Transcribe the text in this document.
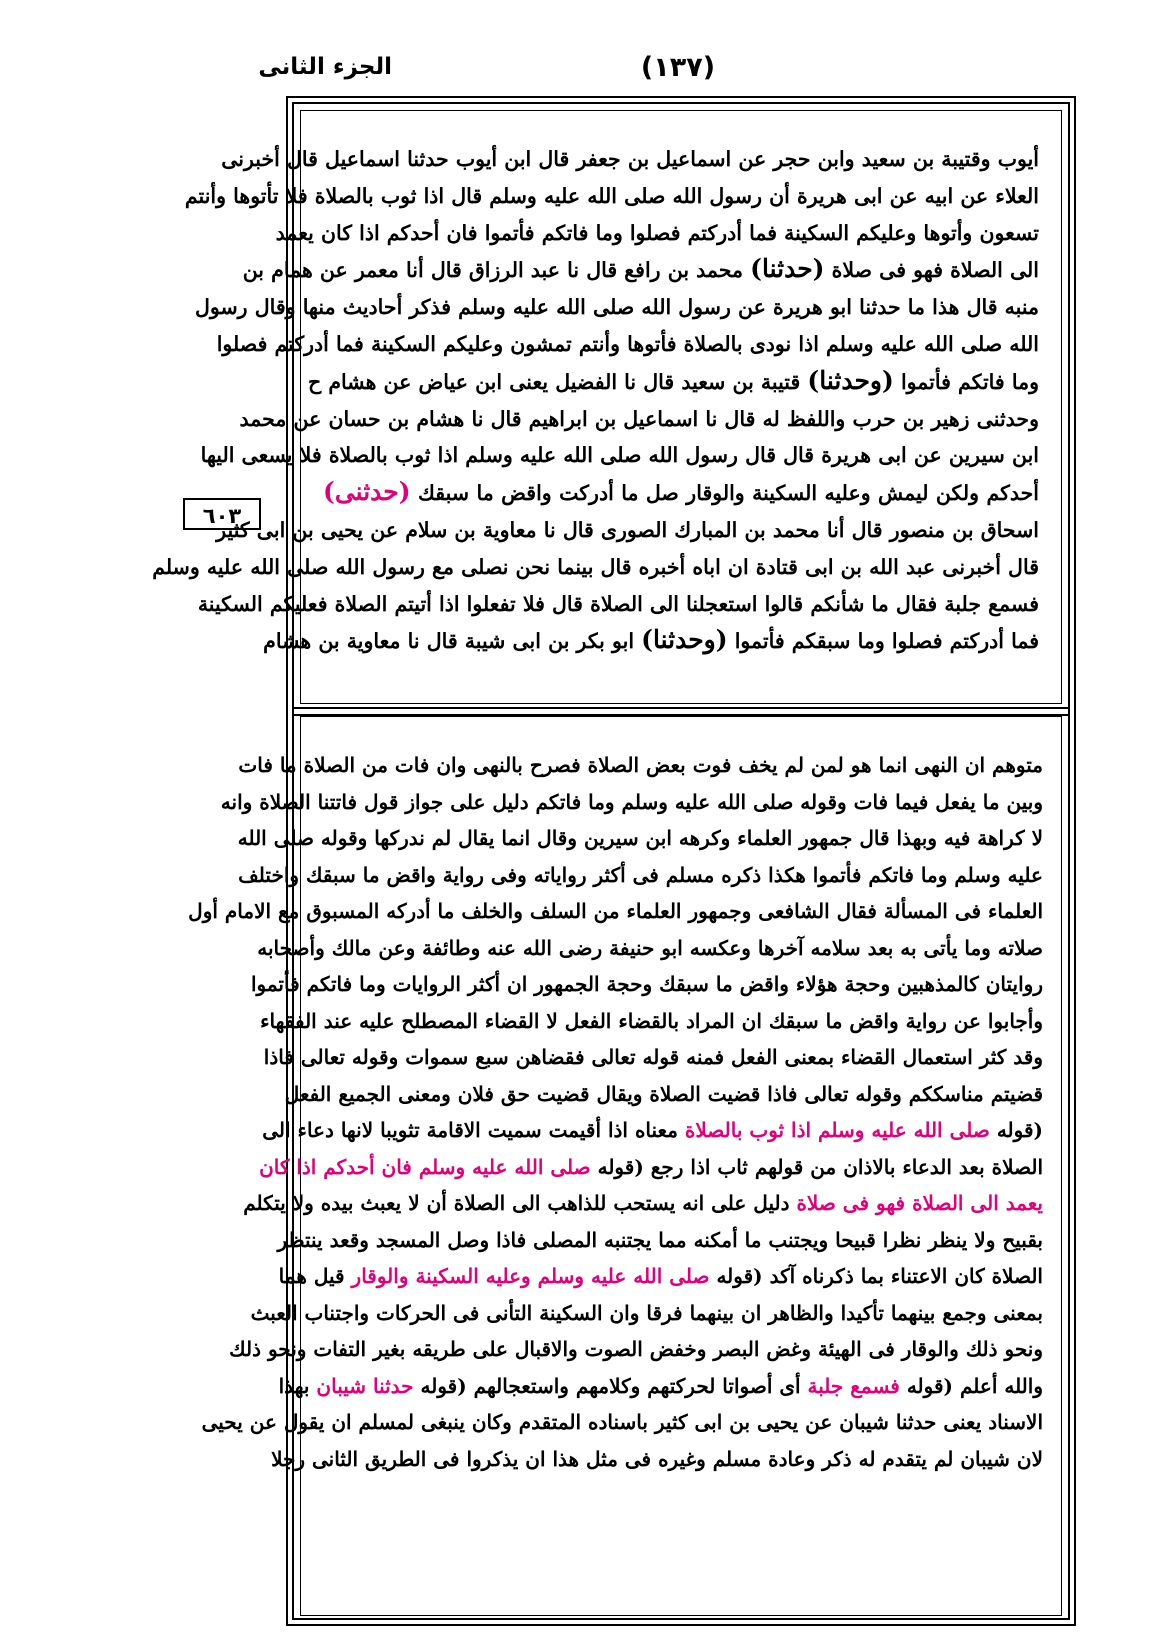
(١٣٧)
الجزء الثانى
٦٠٣
أيوب وقتيبة بن سعيد وابن حجر عن اسماعيل بن جعفر قال ابن أيوب حدثنا اسماعيل قال أخبرنى
العلاء عن ابيه عن ابى هريرة أن رسول الله صلى الله عليه وسلم قال اذا ثوب بالصلاة فلا تأتوها وأنتم
تسعون وأتوها وعليكم السكينة فما أدركتم فصلوا وما فاتكم فأتموا فان أحدكم اذا كان يعمد
الى الصلاة فهو فى صلاة (حدثنا) محمد بن رافع قال نا عبد الرزاق قال أنا معمر عن همام بن
منبه قال هذا ما حدثنا ابو هريرة عن رسول الله صلى الله عليه وسلم فذكر أحاديث منها وقال رسول
الله صلى الله عليه وسلم اذا نودى بالصلاة فأتوها وأنتم تمشون وعليكم السكينة فما أدركتم فصلوا
وما فاتكم فأتموا (وحدثنا) قتيبة بن سعيد قال نا الفضيل يعنى ابن عياض عن هشام ح
وحدثنى زهير بن حرب واللفظ له قال نا اسماعيل بن ابراهيم قال نا هشام بن حسان عن محمد
ابن سيرين عن ابى هريرة قال قال رسول الله صلى الله عليه وسلم اذا ثوب بالصلاة فلا يسعى اليها
أحدكم ولكن ليمش وعليه السكينة والوقار صل ما أدركت واقض ما سبقك (حدثنى)
اسحاق بن منصور قال أنا محمد بن المبارك الصورى قال نا معاوية بن سلام عن يحيى بن ابى كثير
قال أخبرنى عبد الله بن ابى قتادة ان اباه أخبره قال بينما نحن نصلى مع رسول الله صلى الله عليه وسلم
فسمع جلبة فقال ما شأنكم قالوا استعجلنا الى الصلاة قال فلا تفعلوا اذا أتيتم الصلاة فعليكم السكينة
فما أدركتم فصلوا وما سبقكم فأتموا (وحدثنا) ابو بكر بن ابى شيبة قال نا معاوية بن هشام
متوهم ان النهى انما هو لمن لم يخف فوت بعض الصلاة فصرح بالنهى وان فات من الصلاة ما فات
وبين ما يفعل فيما فات وقوله صلى الله عليه وسلم وما فاتكم دليل على جواز قول فاتتنا الصلاة وانه
لا كراهة فيه وبهذا قال جمهور العلماء وكرهه ابن سيرين وقال انما يقال لم ندركها وقوله صلى الله
عليه وسلم وما فاتكم فأتموا هكذا ذكره مسلم فى أكثر رواياته وفى رواية واقض ما سبقك واختلف
العلماء فى المسألة فقال الشافعى وجمهور العلماء من السلف والخلف ما أدركه المسبوق مع الامام أول
صلاته وما يأتى به بعد سلامه آخرها وعكسه ابو حنيفة رضى الله عنه وطائفة وعن مالك وأصحابه
روايتان كالمذهبين وحجة هؤلاء واقض ما سبقك وحجة الجمهور ان أكثر الروايات وما فاتكم فأتموا
وأجابوا عن رواية واقض ما سبقك ان المراد بالقضاء الفعل لا القضاء المصطلح عليه عند الفقهاء
وقد كثر استعمال القضاء بمعنى الفعل فمنه قوله تعالى فقضاهن سبع سموات وقوله تعالى فاذا
قضيتم مناسككم وقوله تعالى فاذا قضيت الصلاة ويقال قضيت حق فلان ومعنى الجميع الفعل
(قوله صلى الله عليه وسلم اذا ثوب بالصلاة معناه اذا أقيمت سميت الاقامة تثويبا لانها دعاء الى
الصلاة بعد الدعاء بالاذان من قولهم ثاب اذا رجع (قوله صلى الله عليه وسلم فان أحدكم اذا كان
يعمد الى الصلاة فهو فى صلاة دليل على انه يستحب للذاهب الى الصلاة أن لا يعبث بيده ولا يتكلم
بقبيح ولا ينظر نظرا قبيحا ويجتنب ما أمكنه مما يجتنبه المصلى فاذا وصل المسجد وقعد ينتظر
الصلاة كان الاعتناء بما ذكرناه آكد (قوله صلى الله عليه وسلم وعليه السكينة والوقار قيل هما
بمعنى وجمع بينهما تأكيدا والظاهر ان بينهما فرقا وان السكينة التأنى فى الحركات واجتناب العبث
ونحو ذلك والوقار فى الهيئة وغض البصر وخفض الصوت والاقبال على طريقه بغير التفات ونحو ذلك
والله أعلم (قوله فسمع جلبة أى أصواتا لحركتهم وكلامهم واستعجالهم (قوله حدثنا شيبان بهذا
الاسناد يعنى حدثنا شيبان عن يحيى بن ابى كثير باسناده المتقدم وكان ينبغى لمسلم ان يقول عن يحيى
لان شيبان لم يتقدم له ذكر وعادة مسلم وغيره فى مثل هذا ان يذكروا فى الطريق الثانى رجلا
